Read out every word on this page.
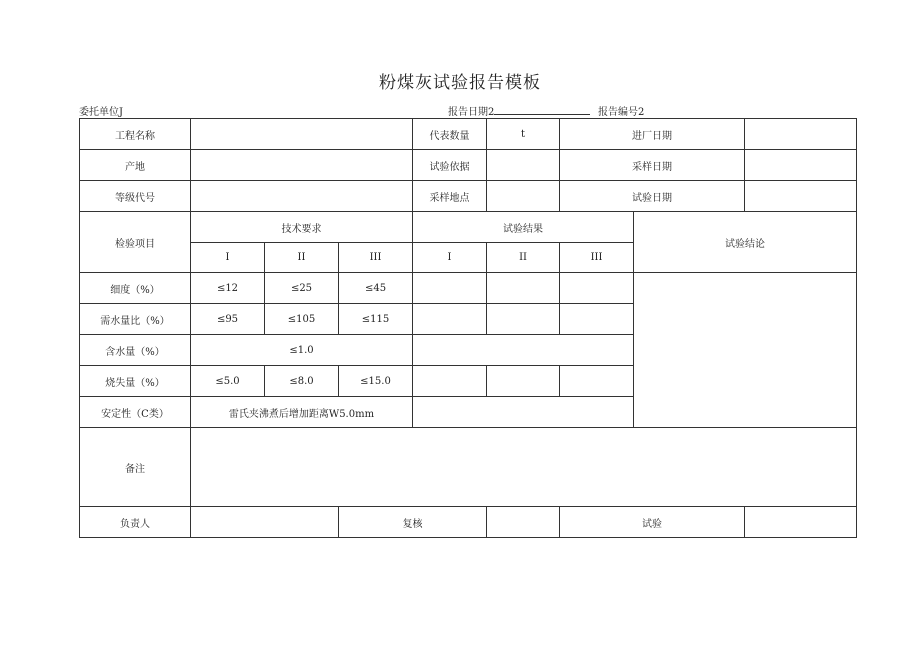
粉煤灰试验报告模板
委托单位J	报告日期2	报告编号2
工程名称				代表数量	t	进厂日期		
产地				试验依据		采样日期		
等级代号				采样地点		试验日期		
检验项目	技术要求			试验结果			试验结论	
	I	II	III	I	II	III		
细度（%）	≤12	≤25	≤45					
需水量比（%）	≤95	≤105	≤115					
含水量（%）	≤1.0							
烧失量（%）	≤5.0	≤8.0	≤15.0					
安定性（C类）	雷氏夹沸煮后增加距离W5.0mm							
备注								
负责人			复核			试验		
